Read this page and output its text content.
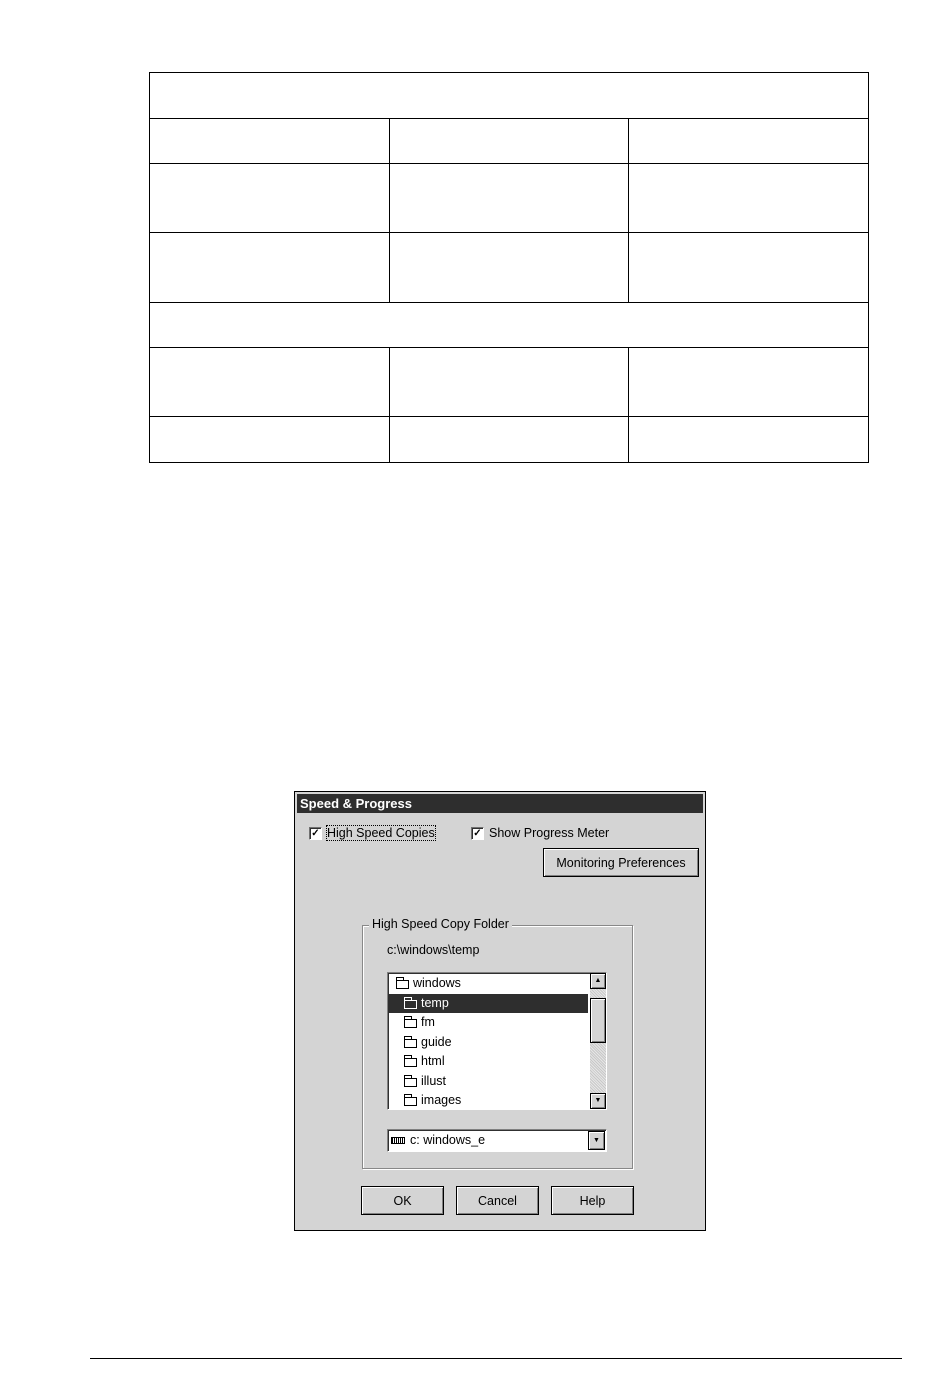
Speed & Progress
✓ High Speed Copies	✓ Show Progress Meter
Monitoring Preferences
High Speed Copy Folder
c:\windows\temp
windows
temp
fm
guide
html
illust
images
▲
▼
c: windows_e	▼
OK	Cancel	Help
